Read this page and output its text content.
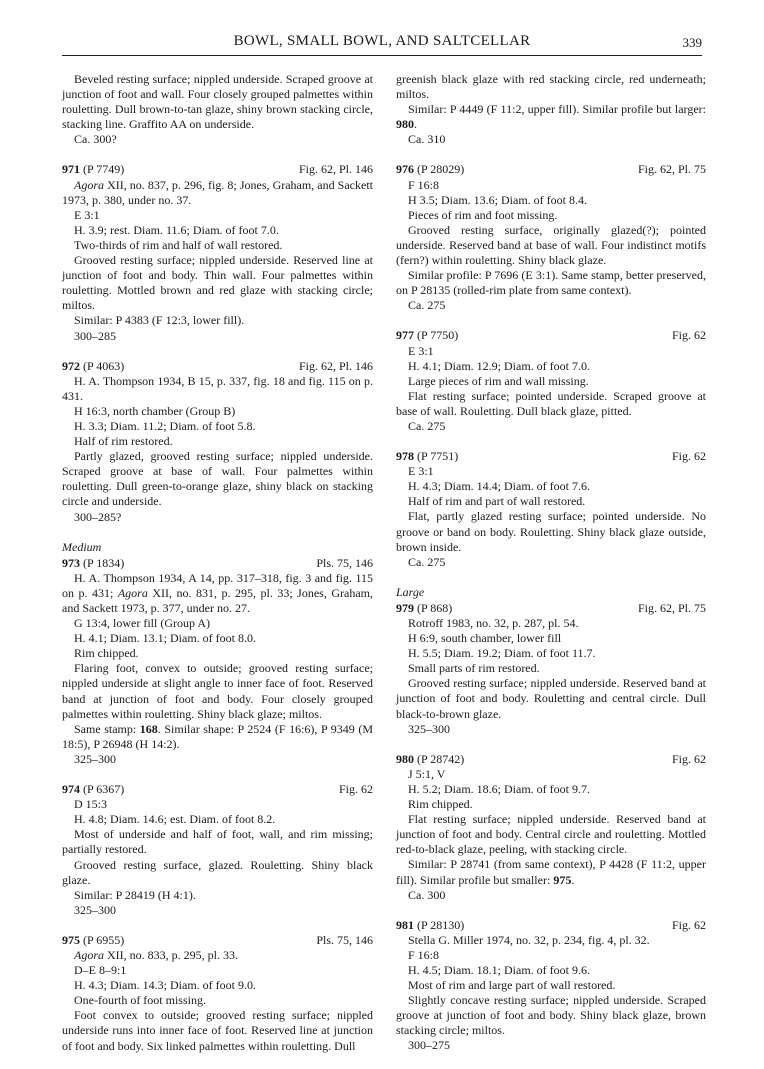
BOWL, SMALL BOWL, AND SALTCELLAR	339
Beveled resting surface; nippled underside. Scraped groove at junction of foot and wall. Four closely grouped palmettes within rouletting. Dull brown-to-tan glaze, shiny brown stacking circle, stacking line. Graffito AA on underside.
Ca. 300?
971 (P 7749)	Fig. 62, Pl. 146
Agora XII, no. 837, p. 296, fig. 8; Jones, Graham, and Sackett 1973, p. 380, under no. 37.
E 3:1
H. 3.9; rest. Diam. 11.6; Diam. of foot 7.0.
Two-thirds of rim and half of wall restored.
Grooved resting surface; nippled underside. Reserved line at junction of foot and body. Thin wall. Four palmettes within rouletting. Mottled brown and red glaze with stacking circle; miltos.
Similar: P 4383 (F 12:3, lower fill).
300–285
972 (P 4063)	Fig. 62, Pl. 146
H. A. Thompson 1934, B 15, p. 337, fig. 18 and fig. 115 on p. 431.
H 16:3, north chamber (Group B)
H. 3.3; Diam. 11.2; Diam. of foot 5.8.
Half of rim restored.
Partly glazed, grooved resting surface; nippled underside. Scraped groove at base of wall. Four palmettes within rouletting. Dull green-to-orange glaze, shiny black on stacking circle and underside.
300–285?
Medium
973 (P 1834)	Pls. 75, 146
H. A. Thompson 1934, A 14, pp. 317–318, fig. 3 and fig. 115 on p. 431; Agora XII, no. 831, p. 295, pl. 33; Jones, Graham, and Sackett 1973, p. 377, under no. 27.
G 13:4, lower fill (Group A)
H. 4.1; Diam. 13.1; Diam. of foot 8.0.
Rim chipped.
Flaring foot, convex to outside; grooved resting surface; nippled underside at slight angle to inner face of foot. Reserved band at junction of foot and body. Four closely grouped palmettes within rouletting. Shiny black glaze; miltos.
Same stamp: 168. Similar shape: P 2524 (F 16:6), P 9349 (M 18:5), P 26948 (H 14:2).
325–300
974 (P 6367)	Fig. 62
D 15:3
H. 4.8; Diam. 14.6; est. Diam. of foot 8.2.
Most of underside and half of foot, wall, and rim missing; partially restored.
Grooved resting surface, glazed. Rouletting. Shiny black glaze.
Similar: P 28419 (H 4:1).
325–300
975 (P 6955)	Pls. 75, 146
Agora XII, no. 833, p. 295, pl. 33.
D–E 8–9:1
H. 4.3; Diam. 14.3; Diam. of foot 9.0.
One-fourth of foot missing.
Foot convex to outside; grooved resting surface; nippled underside runs into inner face of foot. Reserved line at junction of foot and body. Six linked palmettes within rouletting. Dull
greenish black glaze with red stacking circle, red underneath; miltos.
Similar: P 4449 (F 11:2, upper fill). Similar profile but larger: 980.
Ca. 310
976 (P 28029)	Fig. 62, Pl. 75
F 16:8
H 3.5; Diam. 13.6; Diam. of foot 8.4.
Pieces of rim and foot missing.
Grooved resting surface, originally glazed(?); pointed underside. Reserved band at base of wall. Four indistinct motifs (fern?) within rouletting. Shiny black glaze.
Similar profile: P 7696 (E 3:1). Same stamp, better preserved, on P 28135 (rolled-rim plate from same context).
Ca. 275
977 (P 7750)	Fig. 62
E 3:1
H. 4.1; Diam. 12.9; Diam. of foot 7.0.
Large pieces of rim and wall missing.
Flat resting surface; pointed underside. Scraped groove at base of wall. Rouletting. Dull black glaze, pitted.
Ca. 275
978 (P 7751)	Fig. 62
E 3:1
H. 4.3; Diam. 14.4; Diam. of foot 7.6.
Half of rim and part of wall restored.
Flat, partly glazed resting surface; pointed underside. No groove or band on body. Rouletting. Shiny black glaze outside, brown inside.
Ca. 275
Large
979 (P 868)	Fig. 62, Pl. 75
Rotroff 1983, no. 32, p. 287, pl. 54.
H 6:9, south chamber, lower fill
H. 5.5; Diam. 19.2; Diam. of foot 11.7.
Small parts of rim restored.
Grooved resting surface; nippled underside. Reserved band at junction of foot and body. Rouletting and central circle. Dull black-to-brown glaze.
325–300
980 (P 28742)	Fig. 62
J 5:1, V
H. 5.2; Diam. 18.6; Diam. of foot 9.7.
Rim chipped.
Flat resting surface; nippled underside. Reserved band at junction of foot and body. Central circle and rouletting. Mottled red-to-black glaze, peeling, with stacking circle.
Similar: P 28741 (from same context), P 4428 (F 11:2, upper fill). Similar profile but smaller: 975.
Ca. 300
981 (P 28130)	Fig. 62
Stella G. Miller 1974, no. 32, p. 234, fig. 4, pl. 32.
F 16:8
H. 4.5; Diam. 18.1; Diam. of foot 9.6.
Most of rim and large part of wall restored.
Slightly concave resting surface; nippled underside. Scraped groove at junction of foot and body. Shiny black glaze, brown stacking circle; miltos.
300–275
